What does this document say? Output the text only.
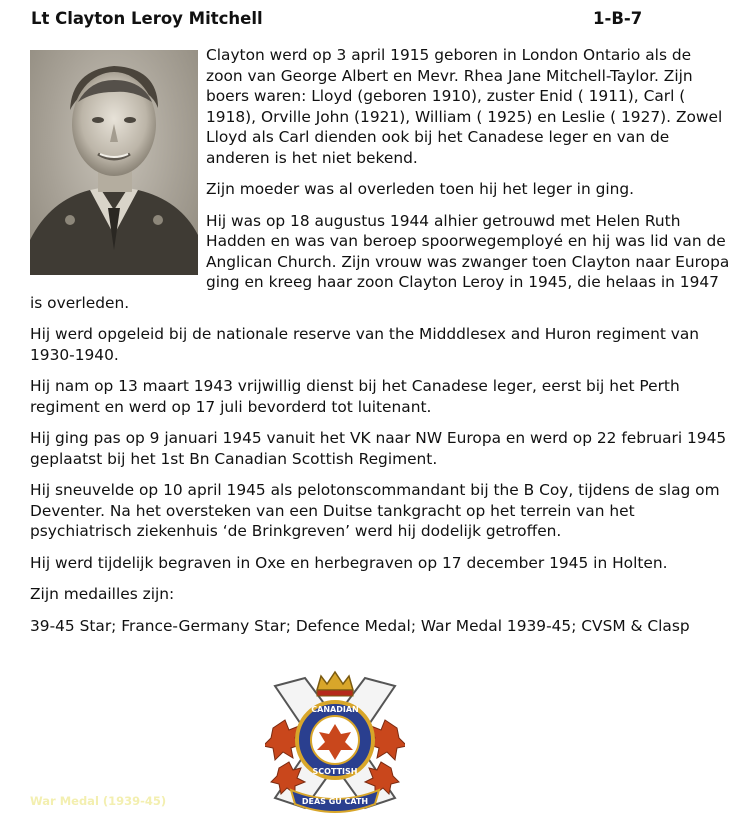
Lt Clayton Leroy Mitchell	1-B-7

Clayton werd op 3 april 1915 geboren in London Ontario als de zoon van George Albert en Mevr. Rhea Jane Mitchell-Taylor. Zijn boers waren: Lloyd (geboren 1910), zuster Enid ( 1911), Carl ( 1918), Orville John (1921), William ( 1925) en Leslie ( 1927). Zowel Lloyd als Carl dienden ook bij het Canadese leger en van de anderen is het niet bekend.

Zijn moeder was al overleden toen hij het leger in ging.

Hij was op 18 augustus 1944 alhier getrouwd met Helen Ruth Hadden en was van beroep spoorwegemployé en hij was lid van de Anglican Church. Zijn vrouw was zwanger toen Clayton naar Europa ging en kreeg haar zoon Clayton Leroy in 1945, die helaas in 1947 is overleden.

Hij werd opgeleid bij de nationale reserve van the Midddlesex and Huron regiment van 1930-1940.

Hij nam op 13 maart 1943 vrijwillig dienst bij het Canadese leger, eerst bij het Perth regiment en werd op 17 juli bevorderd tot luitenant.

Hij ging pas op 9 januari 1945 vanuit het VK naar NW Europa en werd op 22 februari 1945 geplaatst bij het 1st Bn Canadian Scottish Regiment.

Hij sneuvelde op 10 april 1945 als pelotonscommandant bij the B Coy, tijdens de slag om Deventer. Na het oversteken van een Duitse tankgracht op het terrein van het psychiatrisch ziekenhuis ‘de Brinkgreven’ werd hij dodelijk getroffen.

Hij werd tijdelijk begraven in Oxe en herbegraven op 17 december 1945 in Holten.

Zijn medailles zijn:

39-45 Star; France-Germany Star; Defence Medal; War Medal 1939-45; CVSM & Clasp

CANADIAN
SCOTTISH
DEAS GU CATH
War Medal (1939-45)
